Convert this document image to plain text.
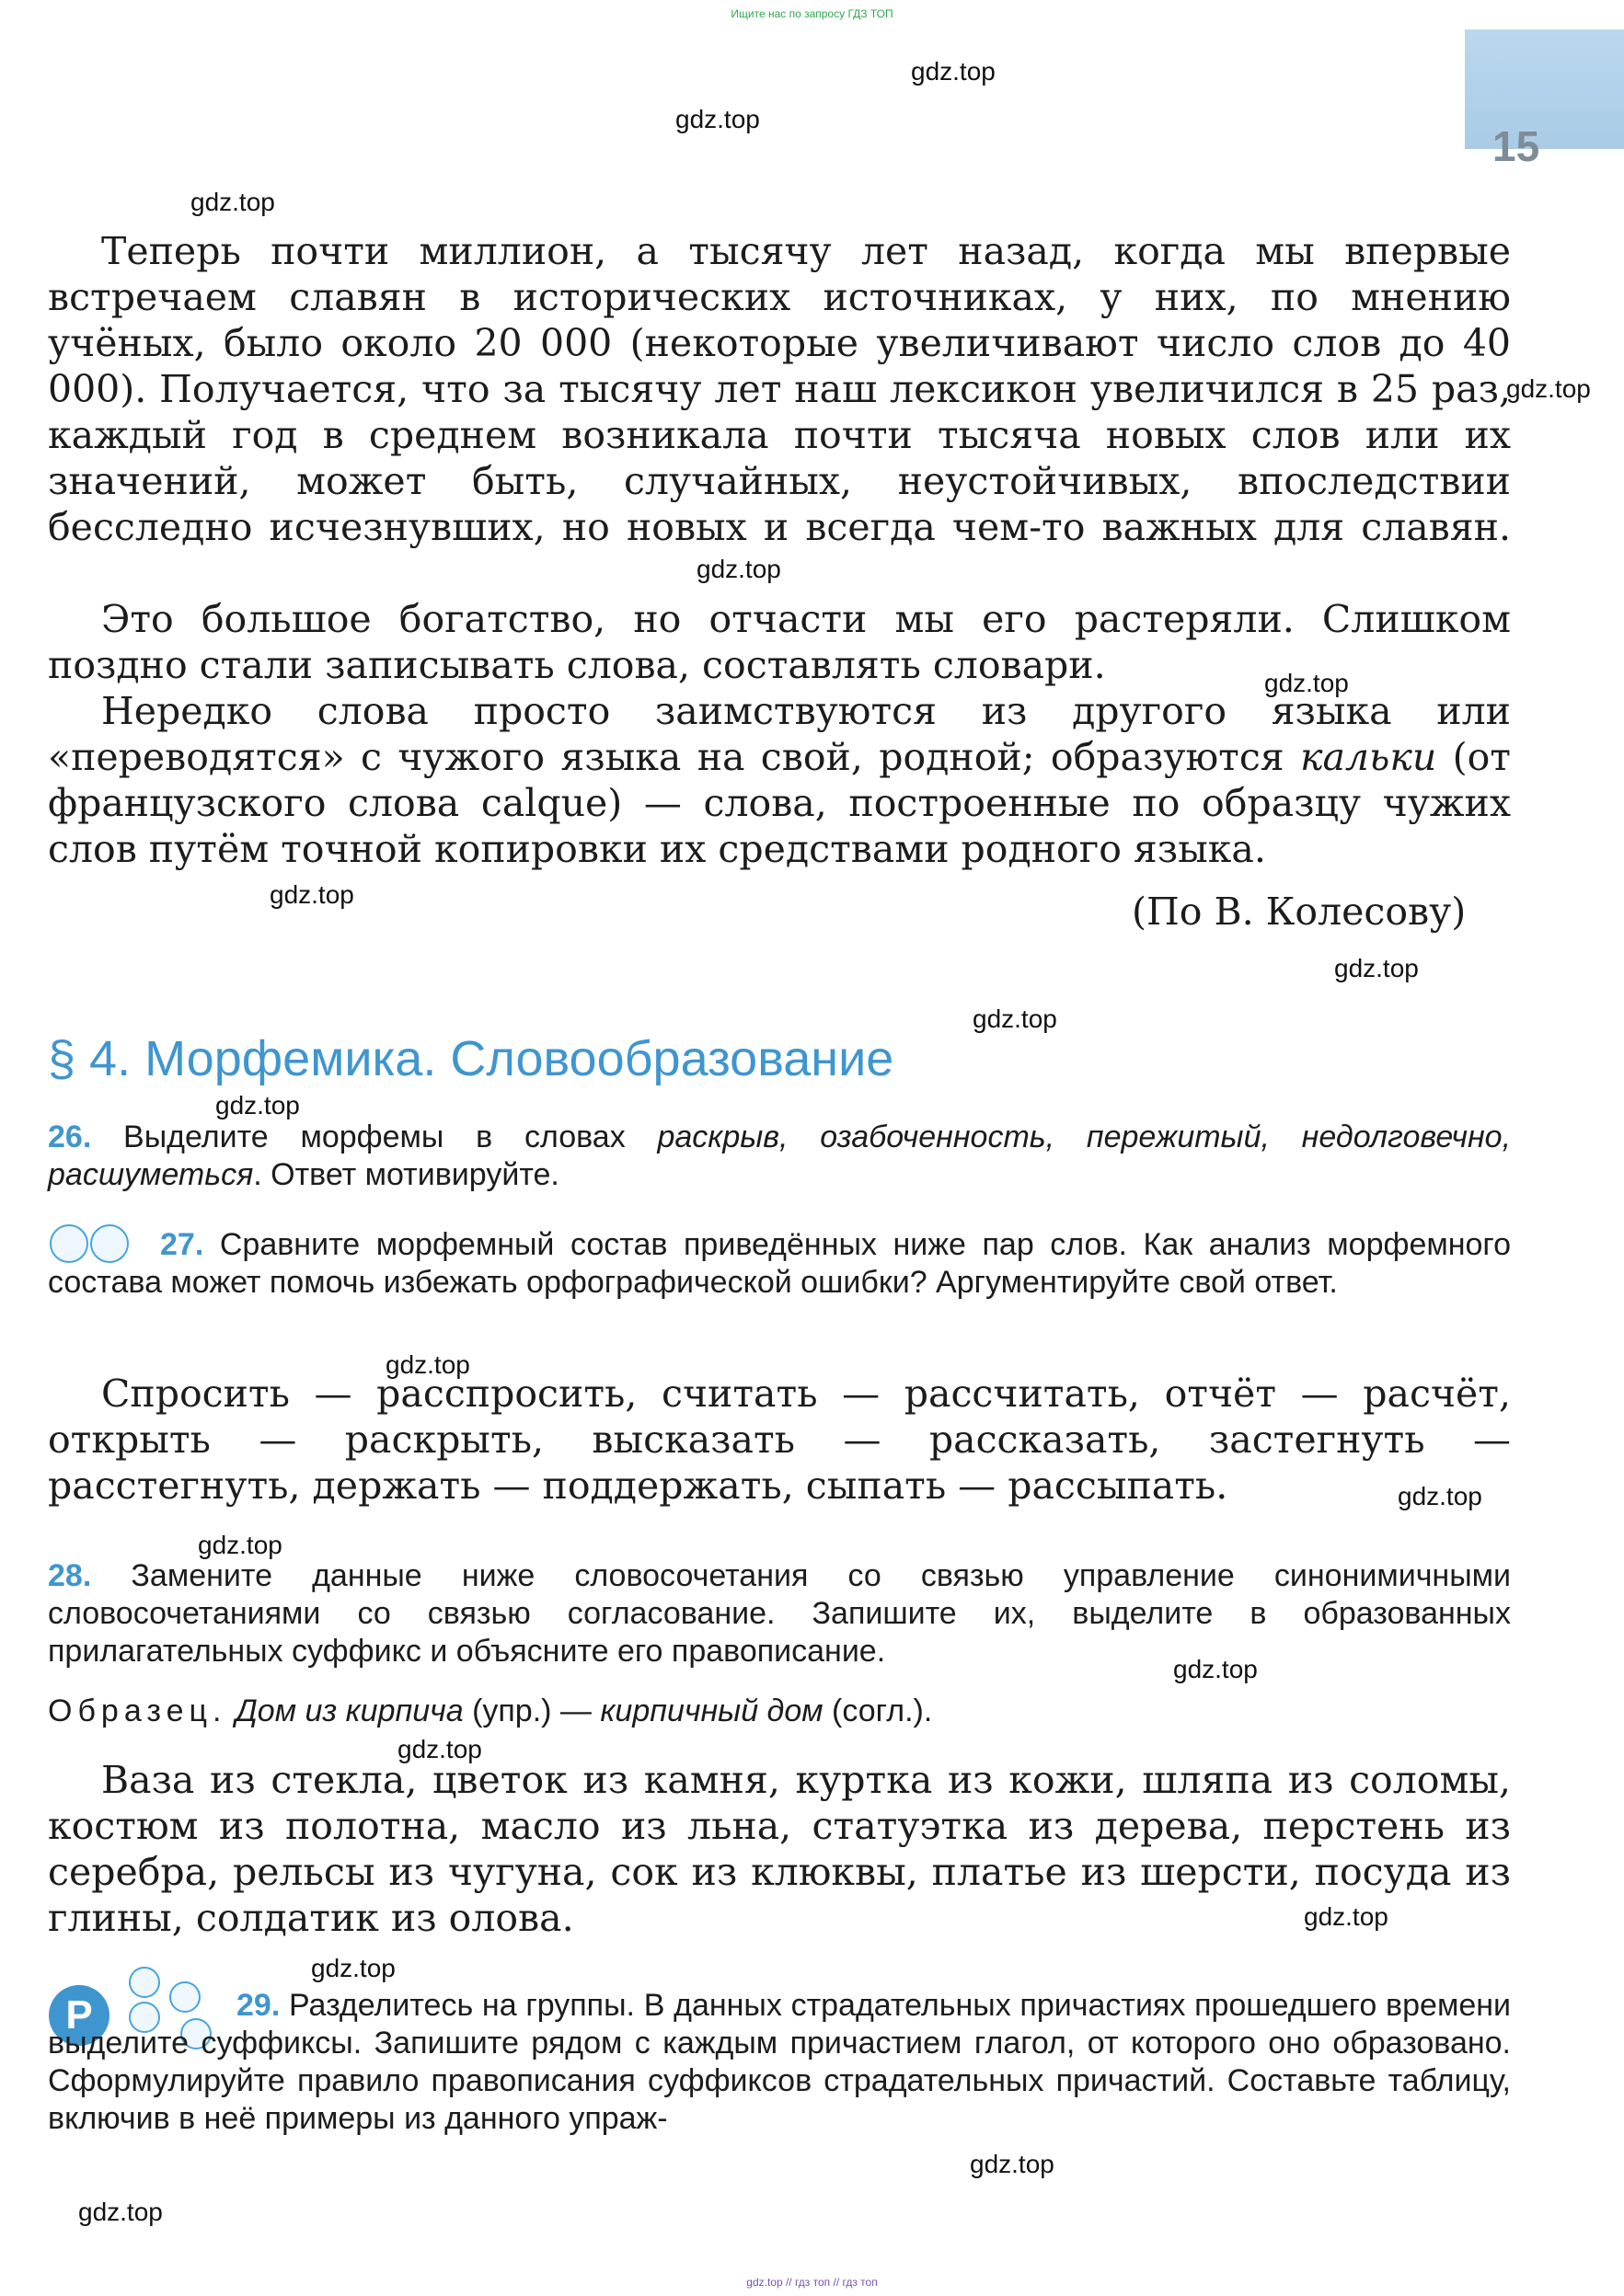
Ищите нас по запросу ГДЗ ТОП
15

Теперь почти миллион, а тысячу лет назад, когда мы впервые встречаем славян в исторических источниках, у них, по мнению учёных, было около 20 000 (некоторые увеличивают число слов до 40 000). Получается, что за тысячу лет наш лексикон увеличился в 25 раз, каждый год в среднем возникала почти тысяча новых слов или их значений, может быть, случайных, неустойчивых, впоследствии бесследно исчезнувших, но новых и всегда чем-то важных для славян.

Это большое богатство, но отчасти мы его растеряли. Слишком поздно стали записывать слова, составлять словари.

Нередко слова просто заимствуются из другого языка или «переводятся» с чужого языка на свой, родной; образуются кальки (от французского слова calque) — слова, построенные по образцу чужих слов путём точной копировки их средствами родного языка.

(По В. Колесову)
§ 4. Морфемика. Словообразование

26. Выделите морфемы в словах раскрыв, озабоченность, пережитый, недолговечно, расшуметься. Ответ мотивируйте.

27. Сравните морфемный состав приведённых ниже пар слов. Как анализ морфемного состава может помочь избежать орфографической ошибки? Аргументируйте свой ответ.

Спросить — расспросить, считать — рассчитать, отчёт — расчёт, открыть — раскрыть, высказать — рассказать, застегнуть — расстегнуть, держать — поддержать, сыпать — рассыпать.

28. Замените данные ниже словосочетания со связью управление синонимичными словосочетаниями со связью согласование. Запишите их, выделите в образованных прилагательных суффикс и объясните его правописание.

Образец. Дом из кирпича (упр.) — кирпичный дом (согл.).

Ваза из стекла, цветок из камня, куртка из кожи, шляпа из соломы, костюм из полотна, масло из льна, статуэтка из дерева, перстень из серебра, рельсы из чугуна, сок из клюквы, платье из шерсти, посуда из глины, солдатик из олова.

Р	29. Разделитесь на группы. В данных страдательных причастиях прошедшего времени выделите суффиксы. Запишите рядом с каждым причастием глагол, от которого оно образовано. Сформулируйте правило правописания суффиксов страдательных причастий. Составьте таблицу, включив в неё примеры из данного упраж-

gdz.top
gdz.top
gdz.top
gdz.top
gdz.top
gdz.top
gdz.top
gdz.top
gdz.top
gdz.top
gdz.top
gdz.top
gdz.top
gdz.top
gdz.top
gdz.top
gdz.top
gdz.top
gdz.top
gdz.top // гдз топ // гдз топ
